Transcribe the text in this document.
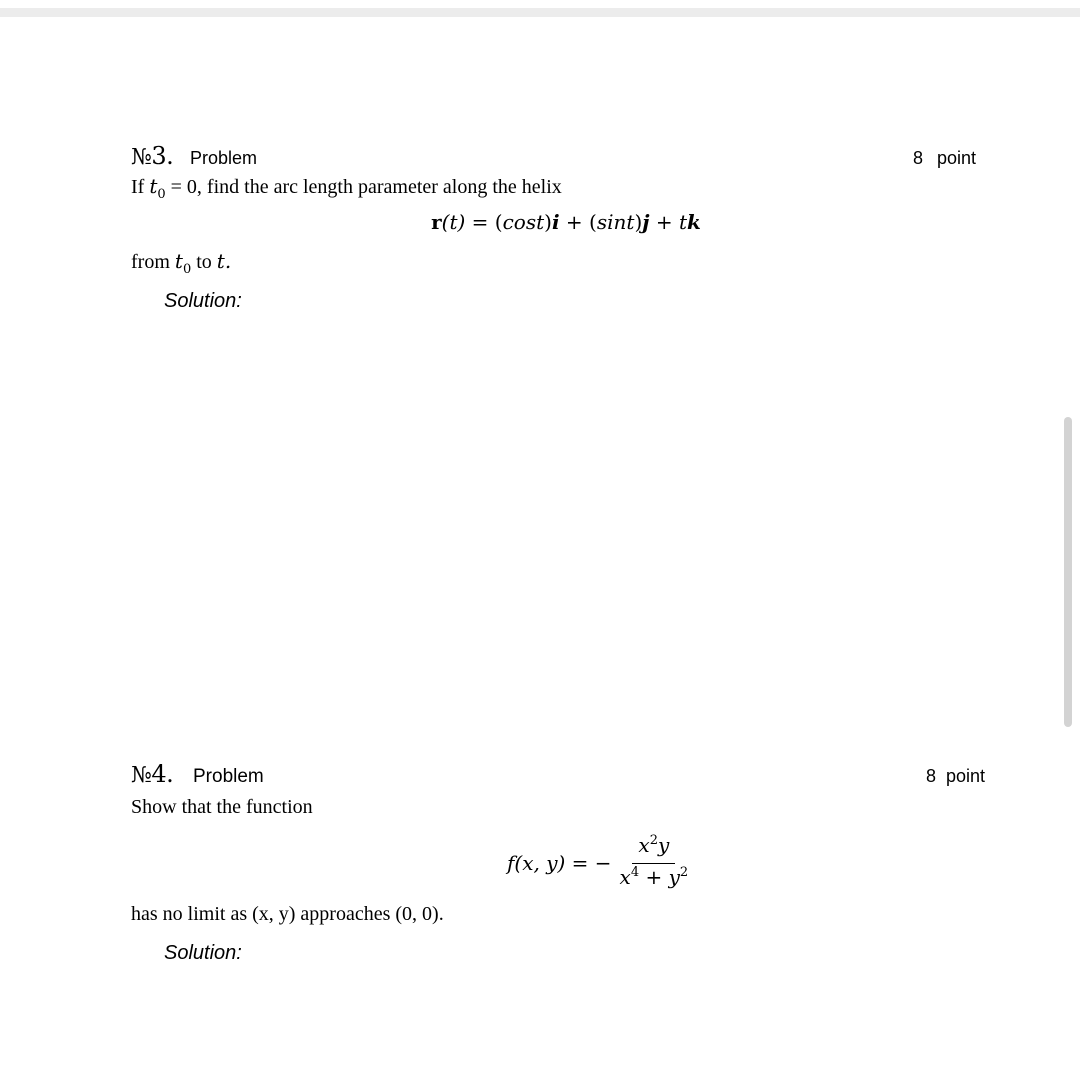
№3. Problem	8 point
If $t_0 = 0$, find the arc length parameter along the helix
r(t) = (cost)i + (sint)j + tk
from $t_0$ to t.
Solution:
№4. Problem	8 point
Show that the function
f(x, y) = − $\frac{x^2y}{x^4 + y^2}$
has no limit as (x, y) approaches (0, 0).
Solution:
